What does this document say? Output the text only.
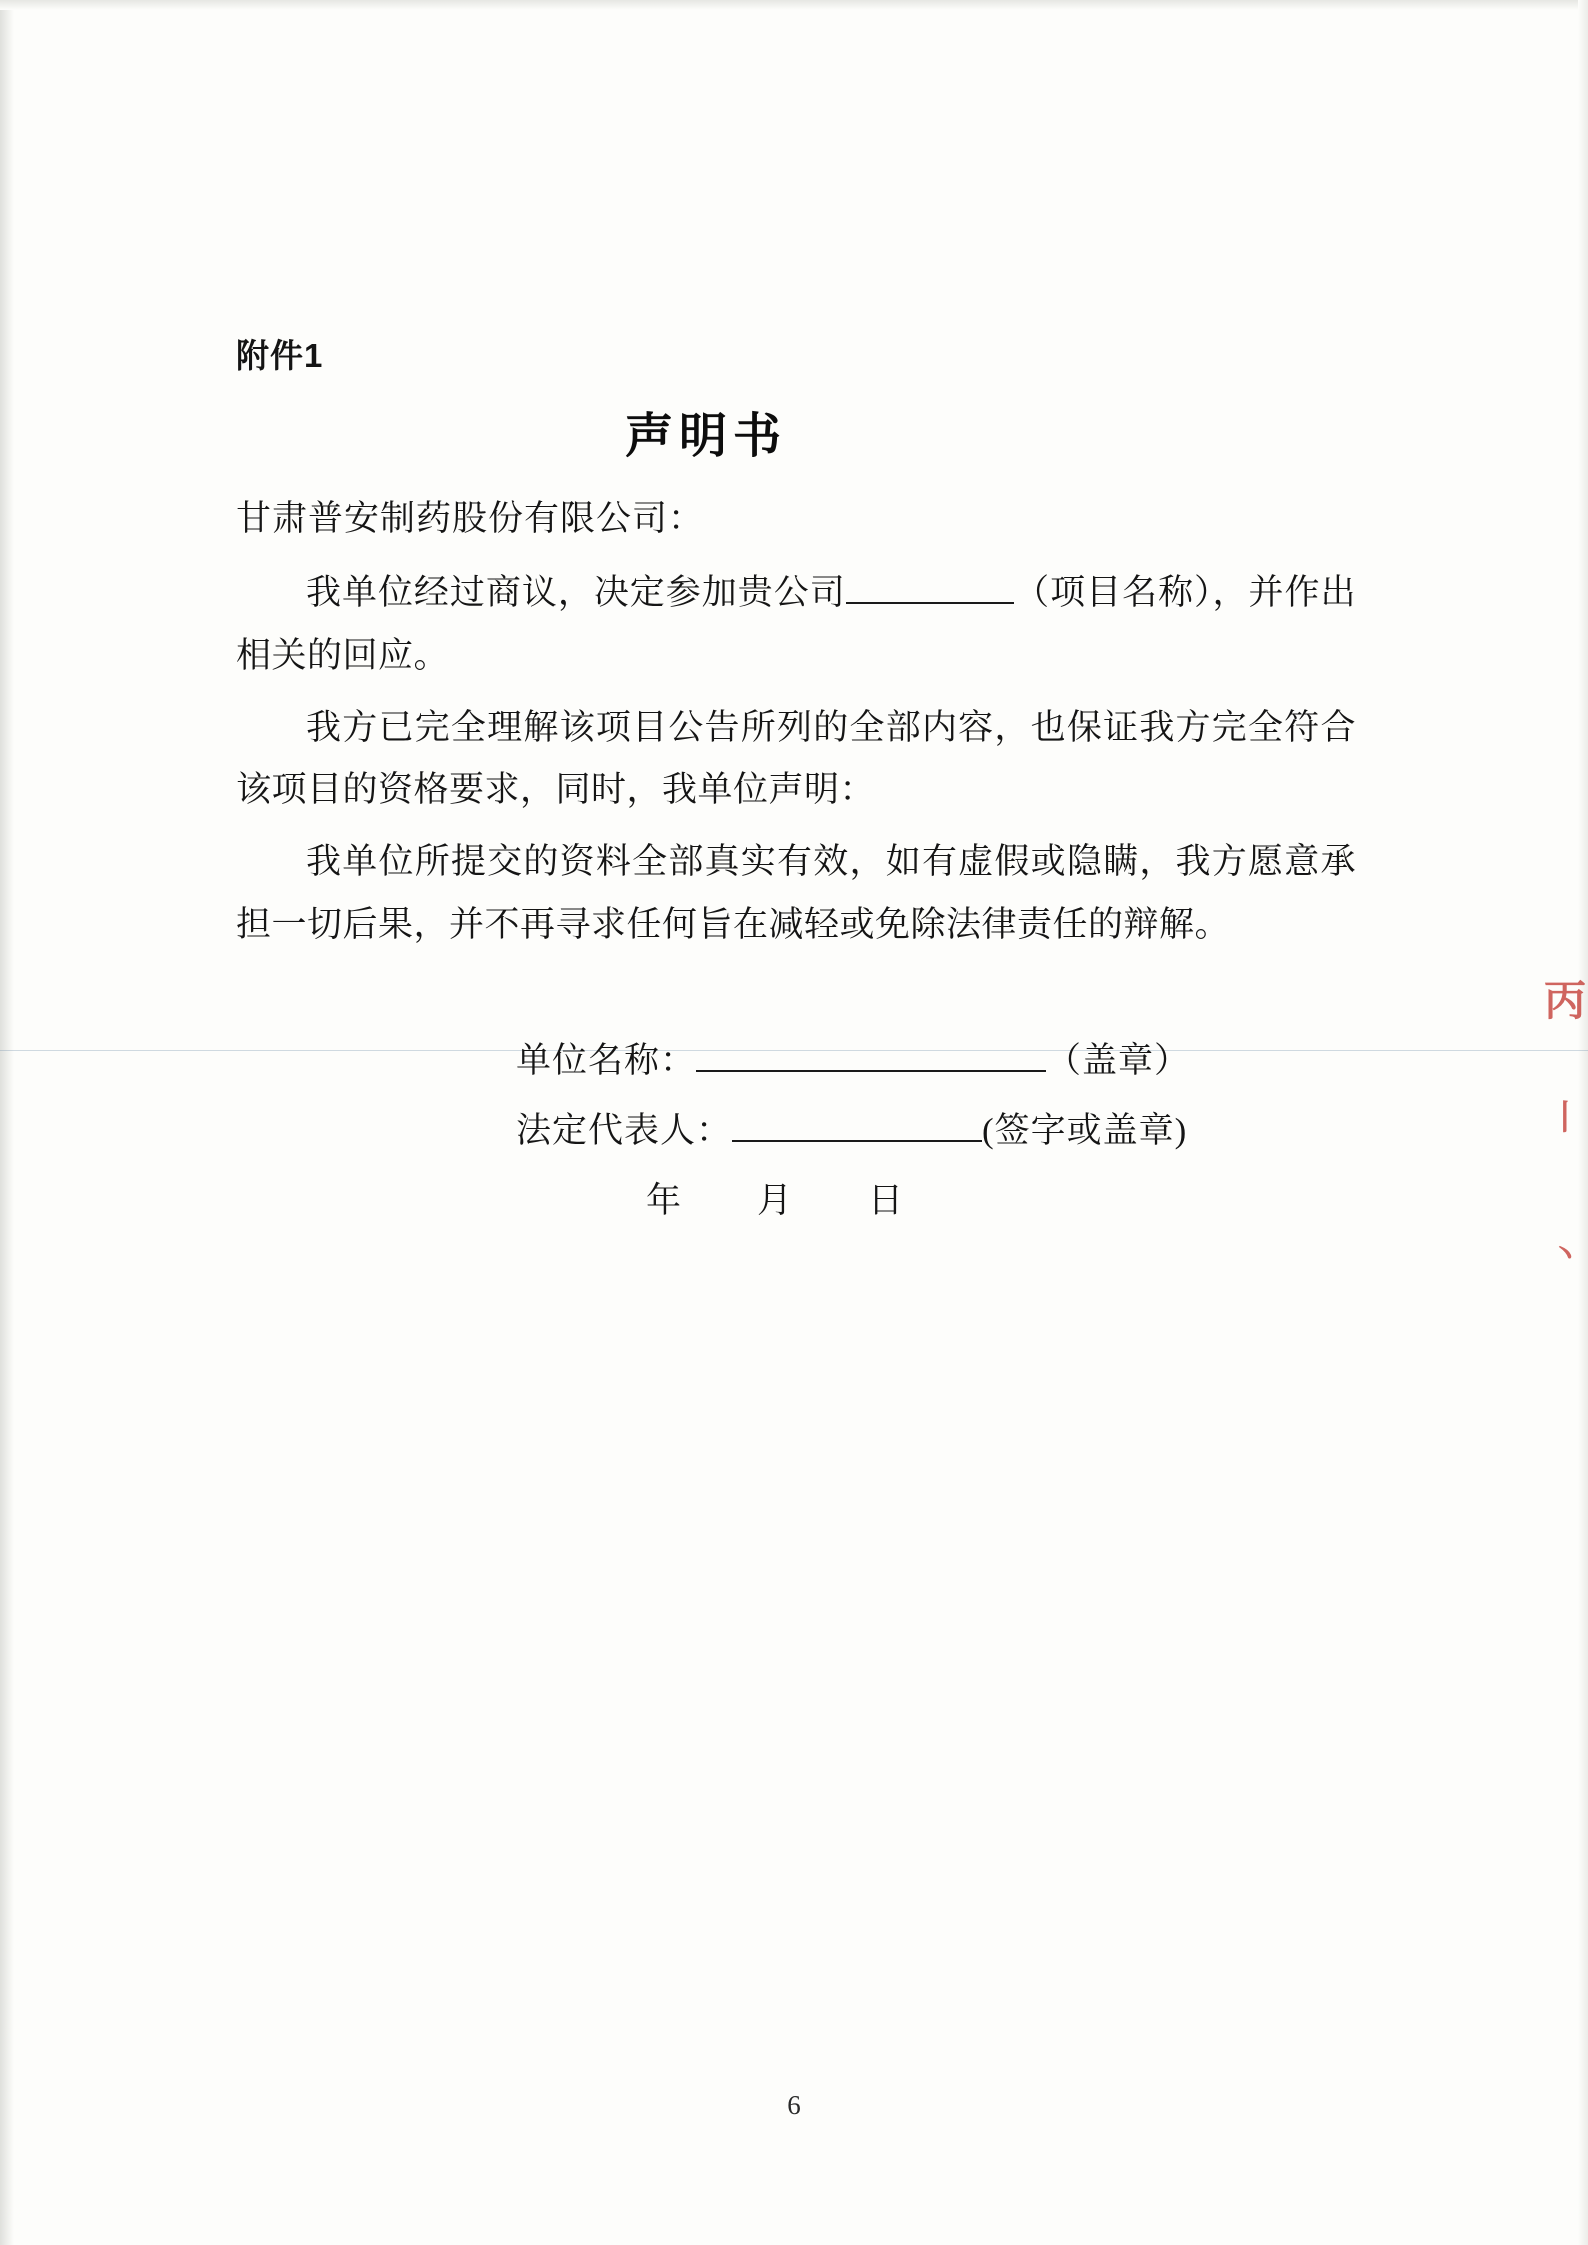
丙
丨
丶
附件1
声明书
甘肃普安制药股份有限公司：

我单位经过商议，决定参加贵公司	（项目名称），并作出相关的回应。

我方已完全理解该项目公告所列的全部内容，也保证我方完全符合该项目的资格要求，同时，我单位声明：

我单位所提交的资料全部真实有效，如有虚假或隐瞒，我方愿意承担一切后果，并不再寻求任何旨在减轻或免除法律责任的辩解。

单位名称：	（盖章）
法定代表人：	(签字或盖章)
年 月 日
6
